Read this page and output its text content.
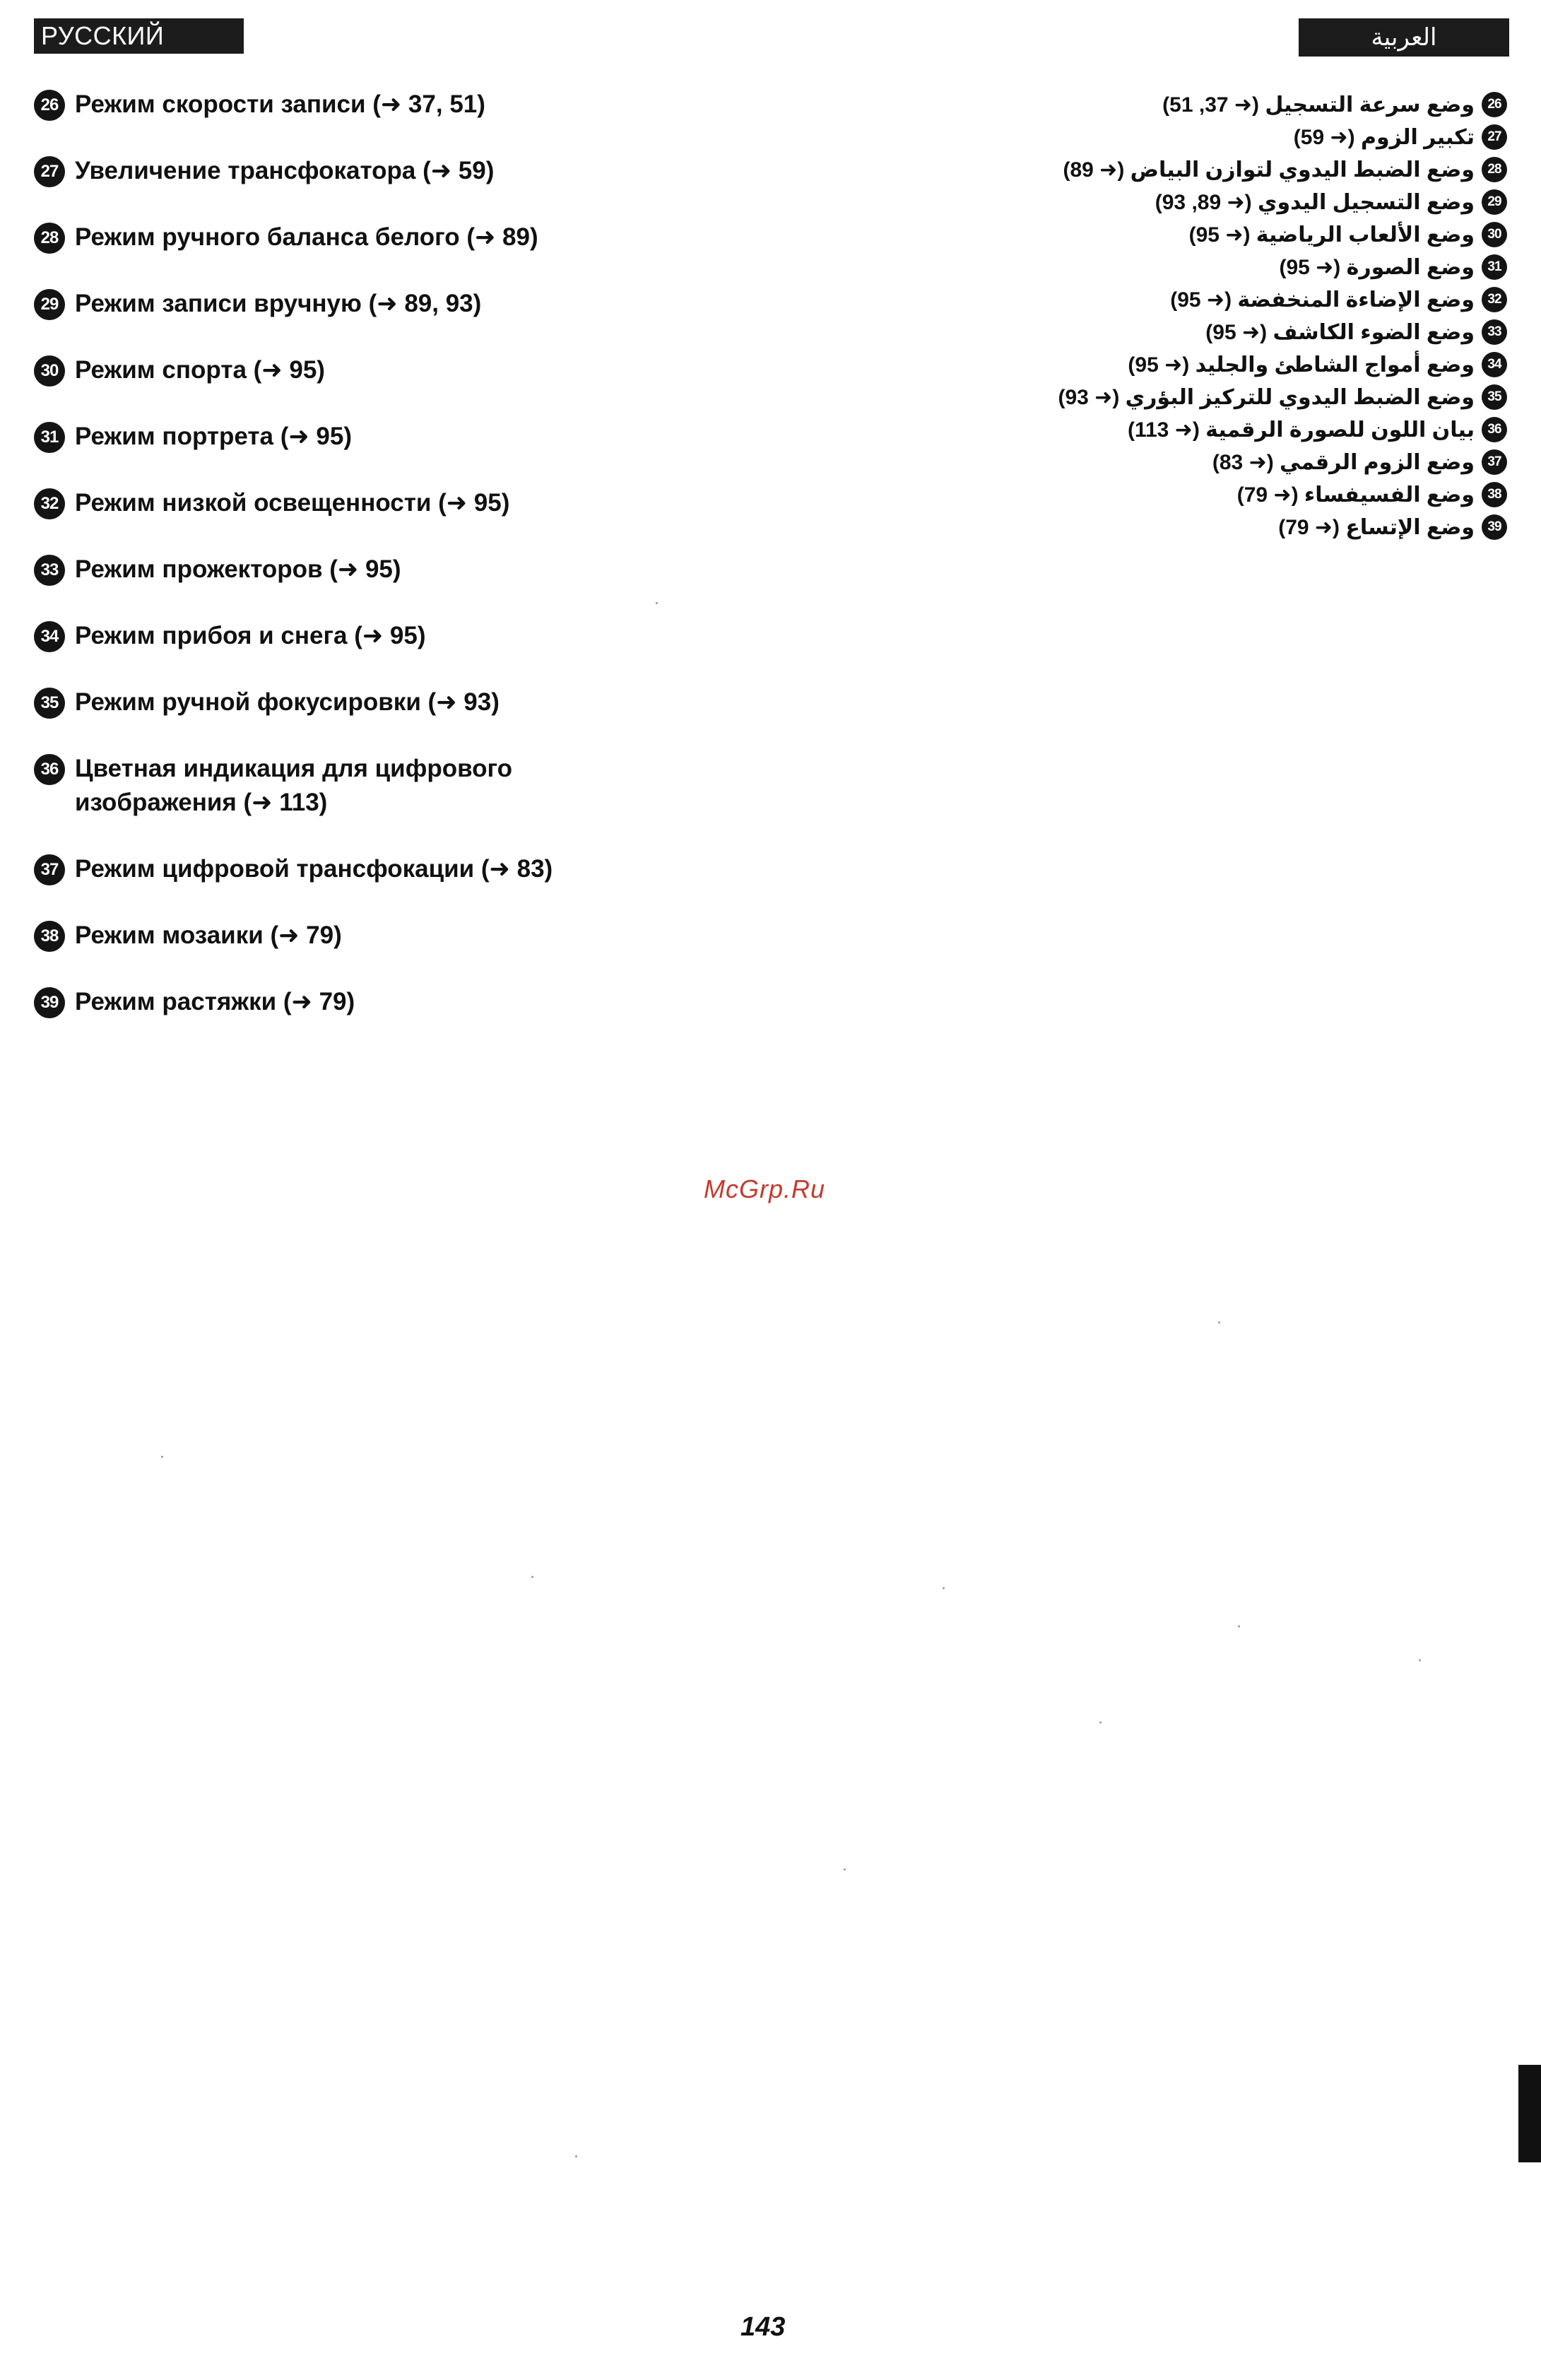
РУССКИЙ ЯЗЫК
العربية
26 Режим скорости записи (➜ 37, 51)
27 Увеличение трансфокатора (➜ 59)
28 Режим ручного баланса белого (➜ 89)
29 Режим записи вручную (➜ 89, 93)
30 Режим спорта (➜ 95)
31 Режим портрета (➜ 95)
32 Режим низкой освещенности (➜ 95)
33 Режим прожекторов (➜ 95)
34 Режим прибоя и снега (➜ 95)
35 Режим ручной фокусировки (➜ 93)
36 Цветная индикация для цифрового изображения (➜ 113)
37 Режим цифровой трансфокации (➜ 83)
38 Режим мозаики (➜ 79)
39 Режим растяжки (➜ 79)
26
وضع سرعة التسجيل (➜ 37, 51)
27
تكبير الزوم (➜ 59)
28
وضع الضبط اليدوي لتوازن البياض (➜ 89)
29
وضع التسجيل اليدوي (➜ 89, 93)
30
وضع الألعاب الرياضية (➜ 95)
31
وضع الصورة (➜ 95)
32
وضع الإضاءة المنخفضة (➜ 95)
33
وضع الضوء الكاشف (➜ 95)
34
وضع أمواج الشاطئ والجليد (➜ 95)
35
وضع الضبط اليدوي للتركيز البؤري (➜ 93)
36
بيان اللون للصورة الرقمية (➜ 113)
37
وضع الزوم الرقمي (➜ 83)
38
وضع الفسيفساء (➜ 79)
39
وضع الإتساع (➜ 79)
McGrp.Ru
143
